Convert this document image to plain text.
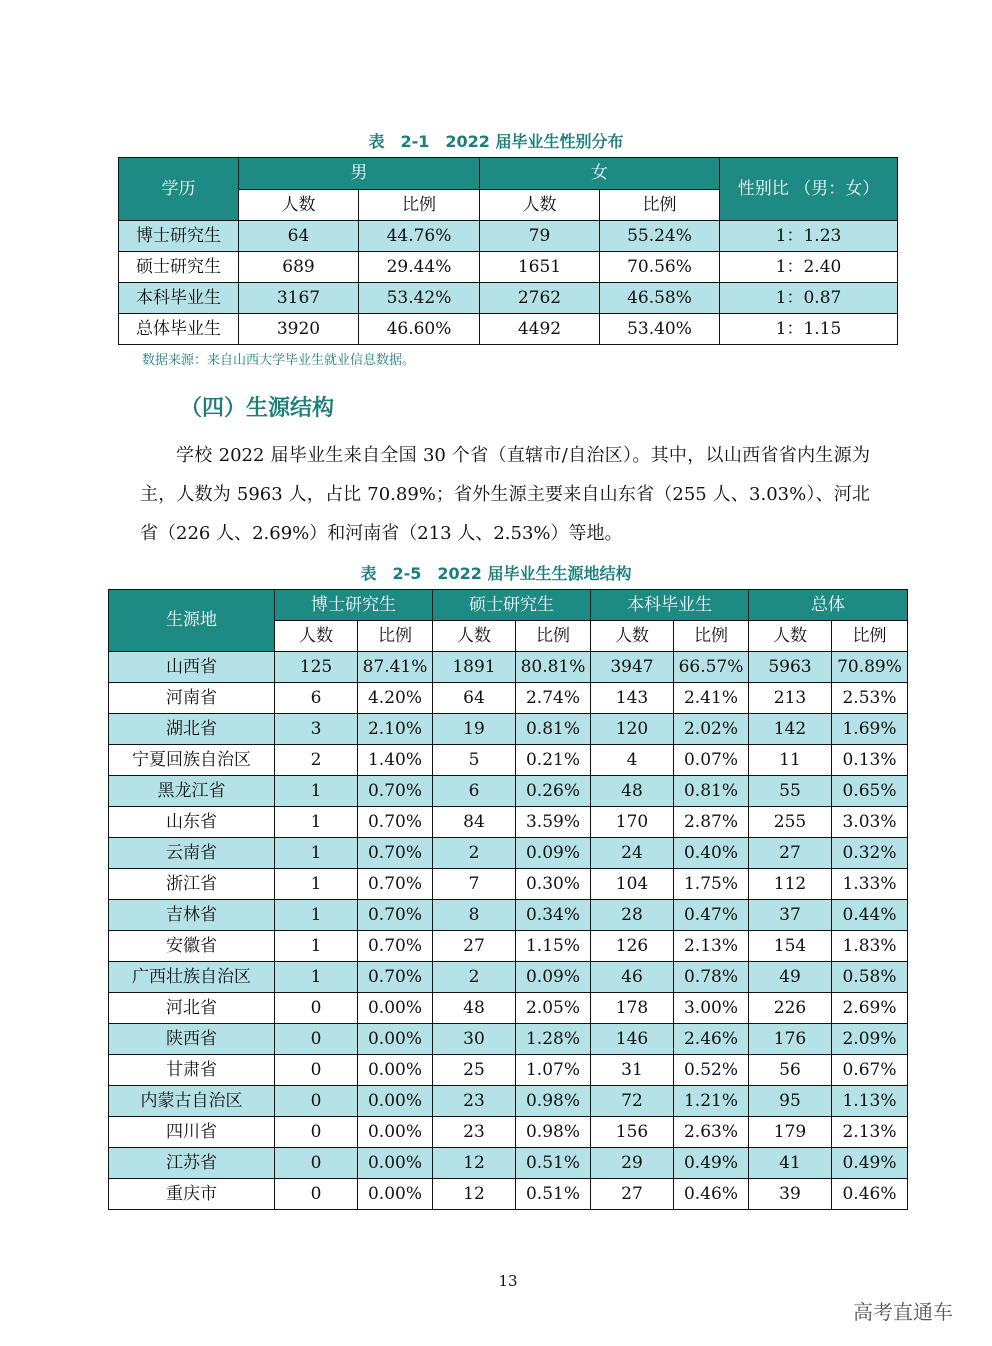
表　2-1　2022 届毕业生性别分布
学历	男		女		性别比 （男：女）
	人数	比例	人数	比例	
博士研究生	64	44.76%	79	55.24%	1：1.23
硕士研究生	689	29.44%	1651	70.56%	1：2.40
本科毕业生	3167	53.42%	2762	46.58%	1：0.87
总体毕业生	3920	46.60%	4492	53.40%	1：1.15
数据来源：来自山西大学毕业生就业信息数据。
（四）生源结构
学校 2022 届毕业生来自全国 30 个省（直辖市/自治区）。其中，以山西省省内生源为主，人数为 5963 人，占比 70.89%；省外生源主要来自山东省（255 人、3.03%）、河北省（226 人、2.69%）和河南省（213 人、2.53%）等地。
表　2-5　2022 届毕业生生源地结构
生源地	博士研究生		硕士研究生		本科毕业生		总体	
	人数	比例	人数	比例	人数	比例	人数	比例
山西省	125	87.41%	1891	80.81%	3947	66.57%	5963	70.89%
河南省	6	4.20%	64	2.74%	143	2.41%	213	2.53%
湖北省	3	2.10%	19	0.81%	120	2.02%	142	1.69%
宁夏回族自治区	2	1.40%	5	0.21%	4	0.07%	11	0.13%
黑龙江省	1	0.70%	6	0.26%	48	0.81%	55	0.65%
山东省	1	0.70%	84	3.59%	170	2.87%	255	3.03%
云南省	1	0.70%	2	0.09%	24	0.40%	27	0.32%
浙江省	1	0.70%	7	0.30%	104	1.75%	112	1.33%
吉林省	1	0.70%	8	0.34%	28	0.47%	37	0.44%
安徽省	1	0.70%	27	1.15%	126	2.13%	154	1.83%
广西壮族自治区	1	0.70%	2	0.09%	46	0.78%	49	0.58%
河北省	0	0.00%	48	2.05%	178	3.00%	226	2.69%
陕西省	0	0.00%	30	1.28%	146	2.46%	176	2.09%
甘肃省	0	0.00%	25	1.07%	31	0.52%	56	0.67%
内蒙古自治区	0	0.00%	23	0.98%	72	1.21%	95	1.13%
四川省	0	0.00%	23	0.98%	156	2.63%	179	2.13%
江苏省	0	0.00%	12	0.51%	29	0.49%	41	0.49%
重庆市	0	0.00%	12	0.51%	27	0.46%	39	0.46%
13
高考直通车
